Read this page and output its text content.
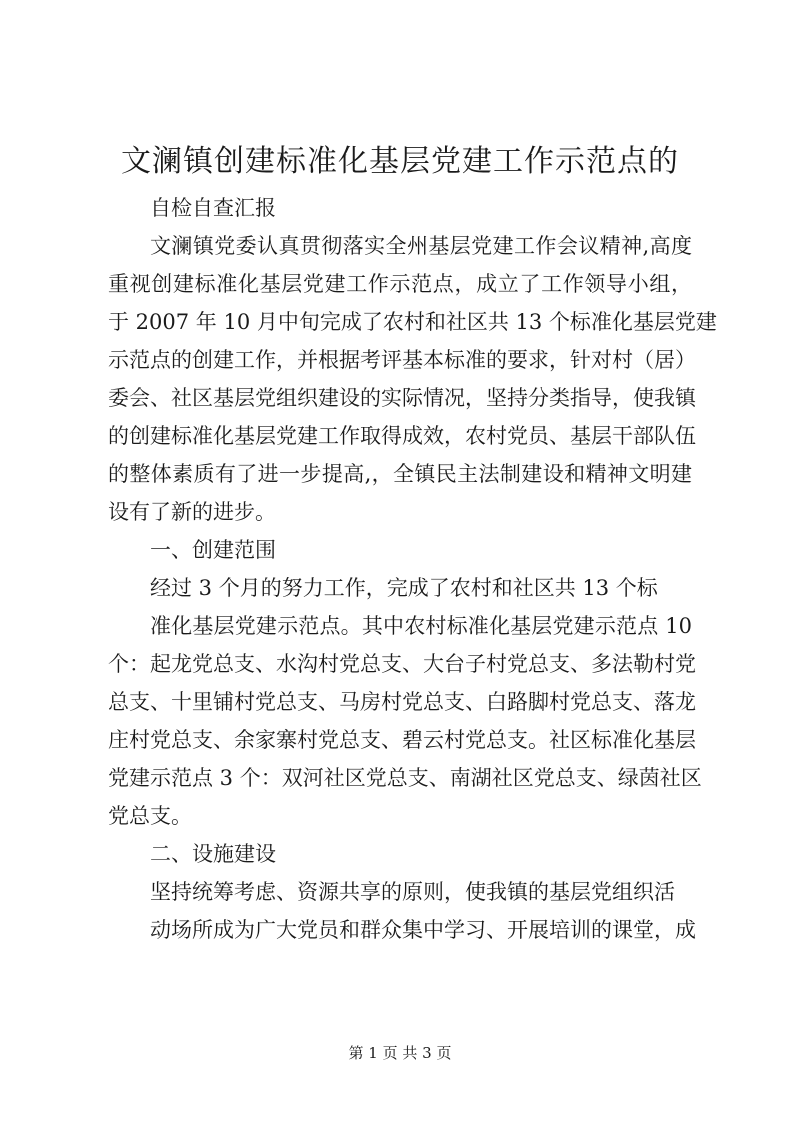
文澜镇创建标准化基层党建工作示范点的
自检自查汇报
文澜镇党委认真贯彻落实全州基层党建工作会议精神,高度
重视创建标准化基层党建工作示范点，成立了工作领导小组，
于 2007 年 10 月中旬完成了农村和社区共 13 个标准化基层党建
示范点的创建工作，并根据考评基本标准的要求，针对村（居）
委会、社区基层党组织建设的实际情况，坚持分类指导，使我镇
的创建标准化基层党建工作取得成效，农村党员、基层干部队伍
的整体素质有了进一步提高,，全镇民主法制建设和精神文明建
设有了新的进步。
一、创建范围
经过 3 个月的努力工作，完成了农村和社区共 13 个标
准化基层党建示范点。其中农村标准化基层党建示范点 10
个：起龙党总支、水沟村党总支、大台子村党总支、多法勒村党
总支、十里铺村党总支、马房村党总支、白路脚村党总支、落龙
庄村党总支、余家寨村党总支、碧云村党总支。社区标准化基层
党建示范点 3 个：双河社区党总支、南湖社区党总支、绿茵社区
党总支。
二、设施建设
坚持统筹考虑、资源共享的原则，使我镇的基层党组织活
动场所成为广大党员和群众集中学习、开展培训的课堂，成
第 1 页 共 3 页
